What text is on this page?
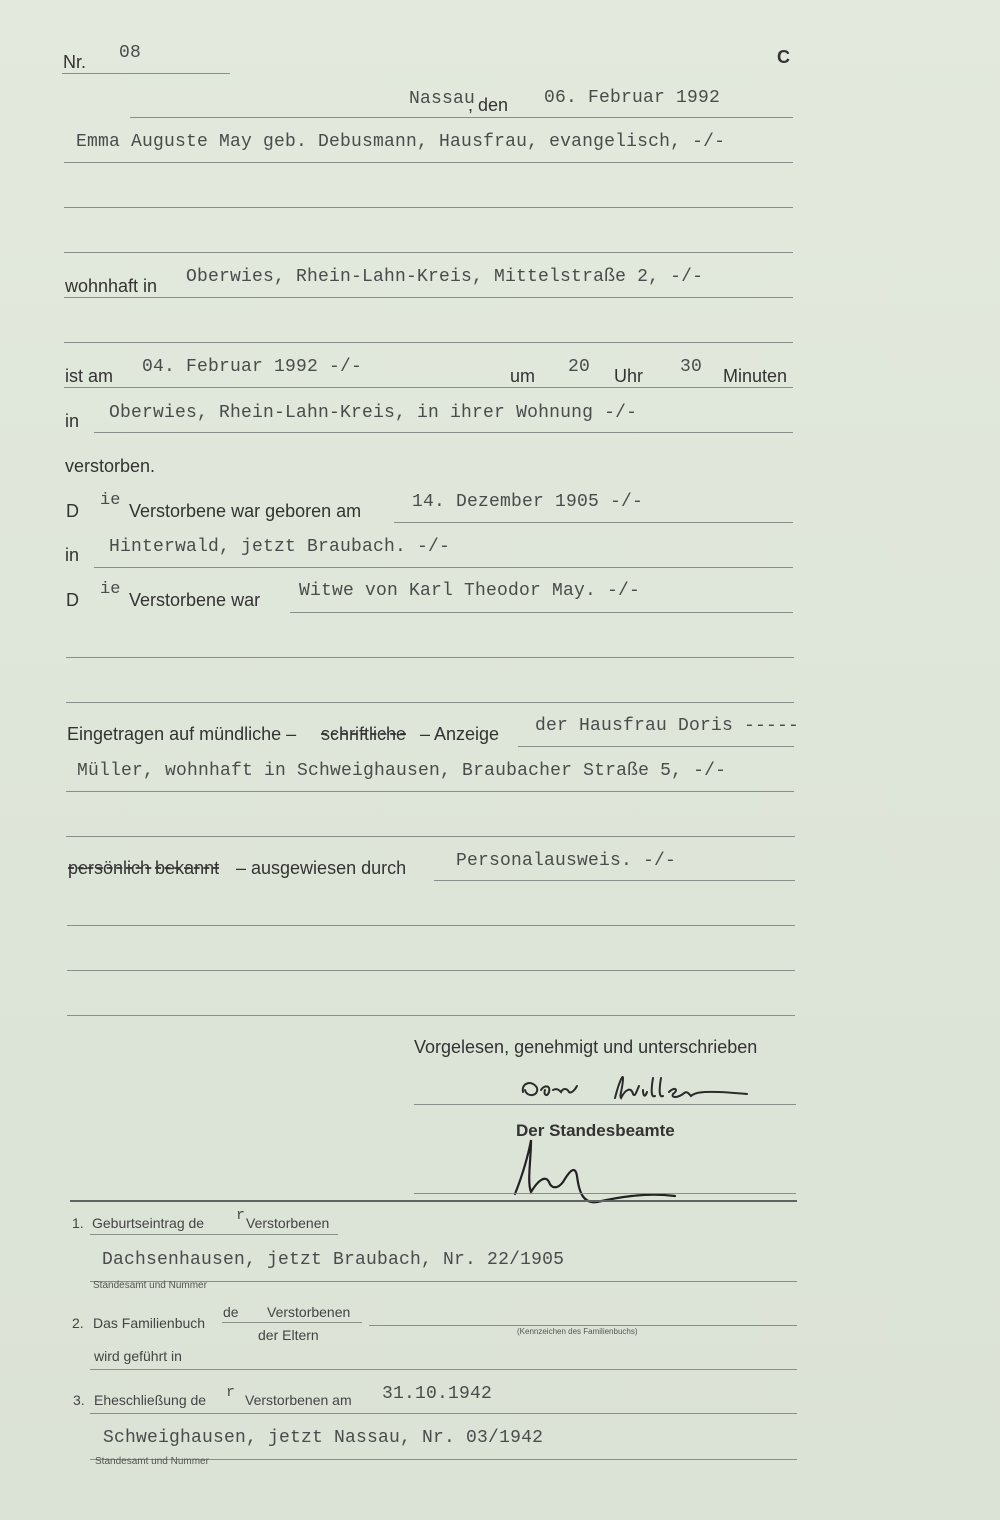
Nr. 08	C
Nassau
, den 06. Februar 1992
Emma Auguste May geb. Debusmann, Hausfrau, evangelisch, -/-
wohnhaft in Oberwies, Rhein-Lahn-Kreis, Mittelstraße 2, -/-
ist am 04. Februar 1992 -/-	um 20 Uhr 30 Minuten
in Oberwies, Rhein-Lahn-Kreis, in ihrer Wohnung -/-
verstorben.
D
ie
Verstorbene war geboren am	14. Dezember 1905 -/-
in Hinterwald, jetzt Braubach. -/-
D
ie
Verstorbene war Witwe von Karl Theodor May. -/-
Eingetragen auf mündliche – schriftliche – Anzeige der Hausfrau Doris -----
Müller, wohnhaft in Schweighausen, Braubacher Straße 5, -/-
persönlich bekannt – ausgewiesen durch	Personalausweis. -/-
Vorgelesen, genehmigt und unterschrieben
Der Standesbeamte
1. Geburtseintrag de r Verstorbenen
Dachsenhausen, jetzt Braubach, Nr. 22/1905
Standesamt und Nummer
2. Das Familienbuch
de Verstorbenen
der Eltern	(Kennzeichen des Familienbuchs)
wird geführt in
3. Eheschließung de r Verstorbenen am 31.10.1942
Schweighausen, jetzt Nassau, Nr. 03/1942
Standesamt und Nummer
